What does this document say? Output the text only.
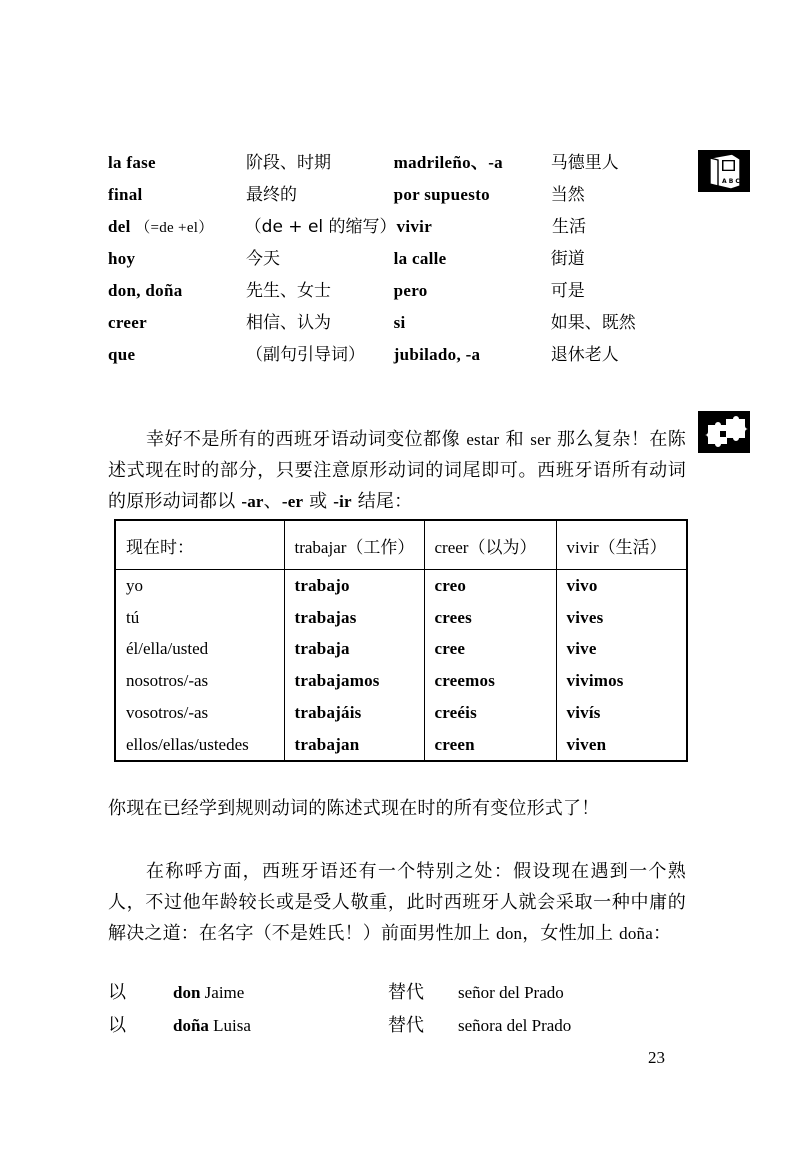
la fase	阶段、时期	madrileño、-a	马德里人
final	最终的	por supuesto	当然
del （=de +el）	（de + el 的缩写） vivir	生活
hoy	今天	la calle	街道
don, doña	先生、女士	pero	可是
creer	相信、认为	si	如果、既然
que	（副句引导词）	jubilado, -a	退休老人
A B C

幸好不是所有的西班牙语动词变位都像 estar 和 ser 那么复杂！在陈述式现在时的部分，只要注意原形动词的词尾即可。西班牙语所有动词的原形动词都以 -ar、-er 或 -ir 结尾：

现在时：	trabajar（工作）	creer（以为）	vivir（生活）
yo	trabajo	creo	vivo
tú	trabajas	crees	vives
él/ella/usted	trabaja	cree	vive
nosotros/-as	trabajamos	creemos	vivimos
vosotros/-as	trabajáis	creéis	vivís
ellos/ellas/ustedes	trabajan	creen	viven

你现在已经学到规则动词的陈述式现在时的所有变位形式了！

在称呼方面，西班牙语还有一个特别之处：假设现在遇到一个熟人，不过他年龄较长或是受人敬重，此时西班牙人就会采取一种中庸的解决之道：在名字（不是姓氏！）前面男性加上 don，女性加上 doña：

以	don Jaime	替代	señor del Prado
以	doña Luisa	替代	señora del Prado
23
